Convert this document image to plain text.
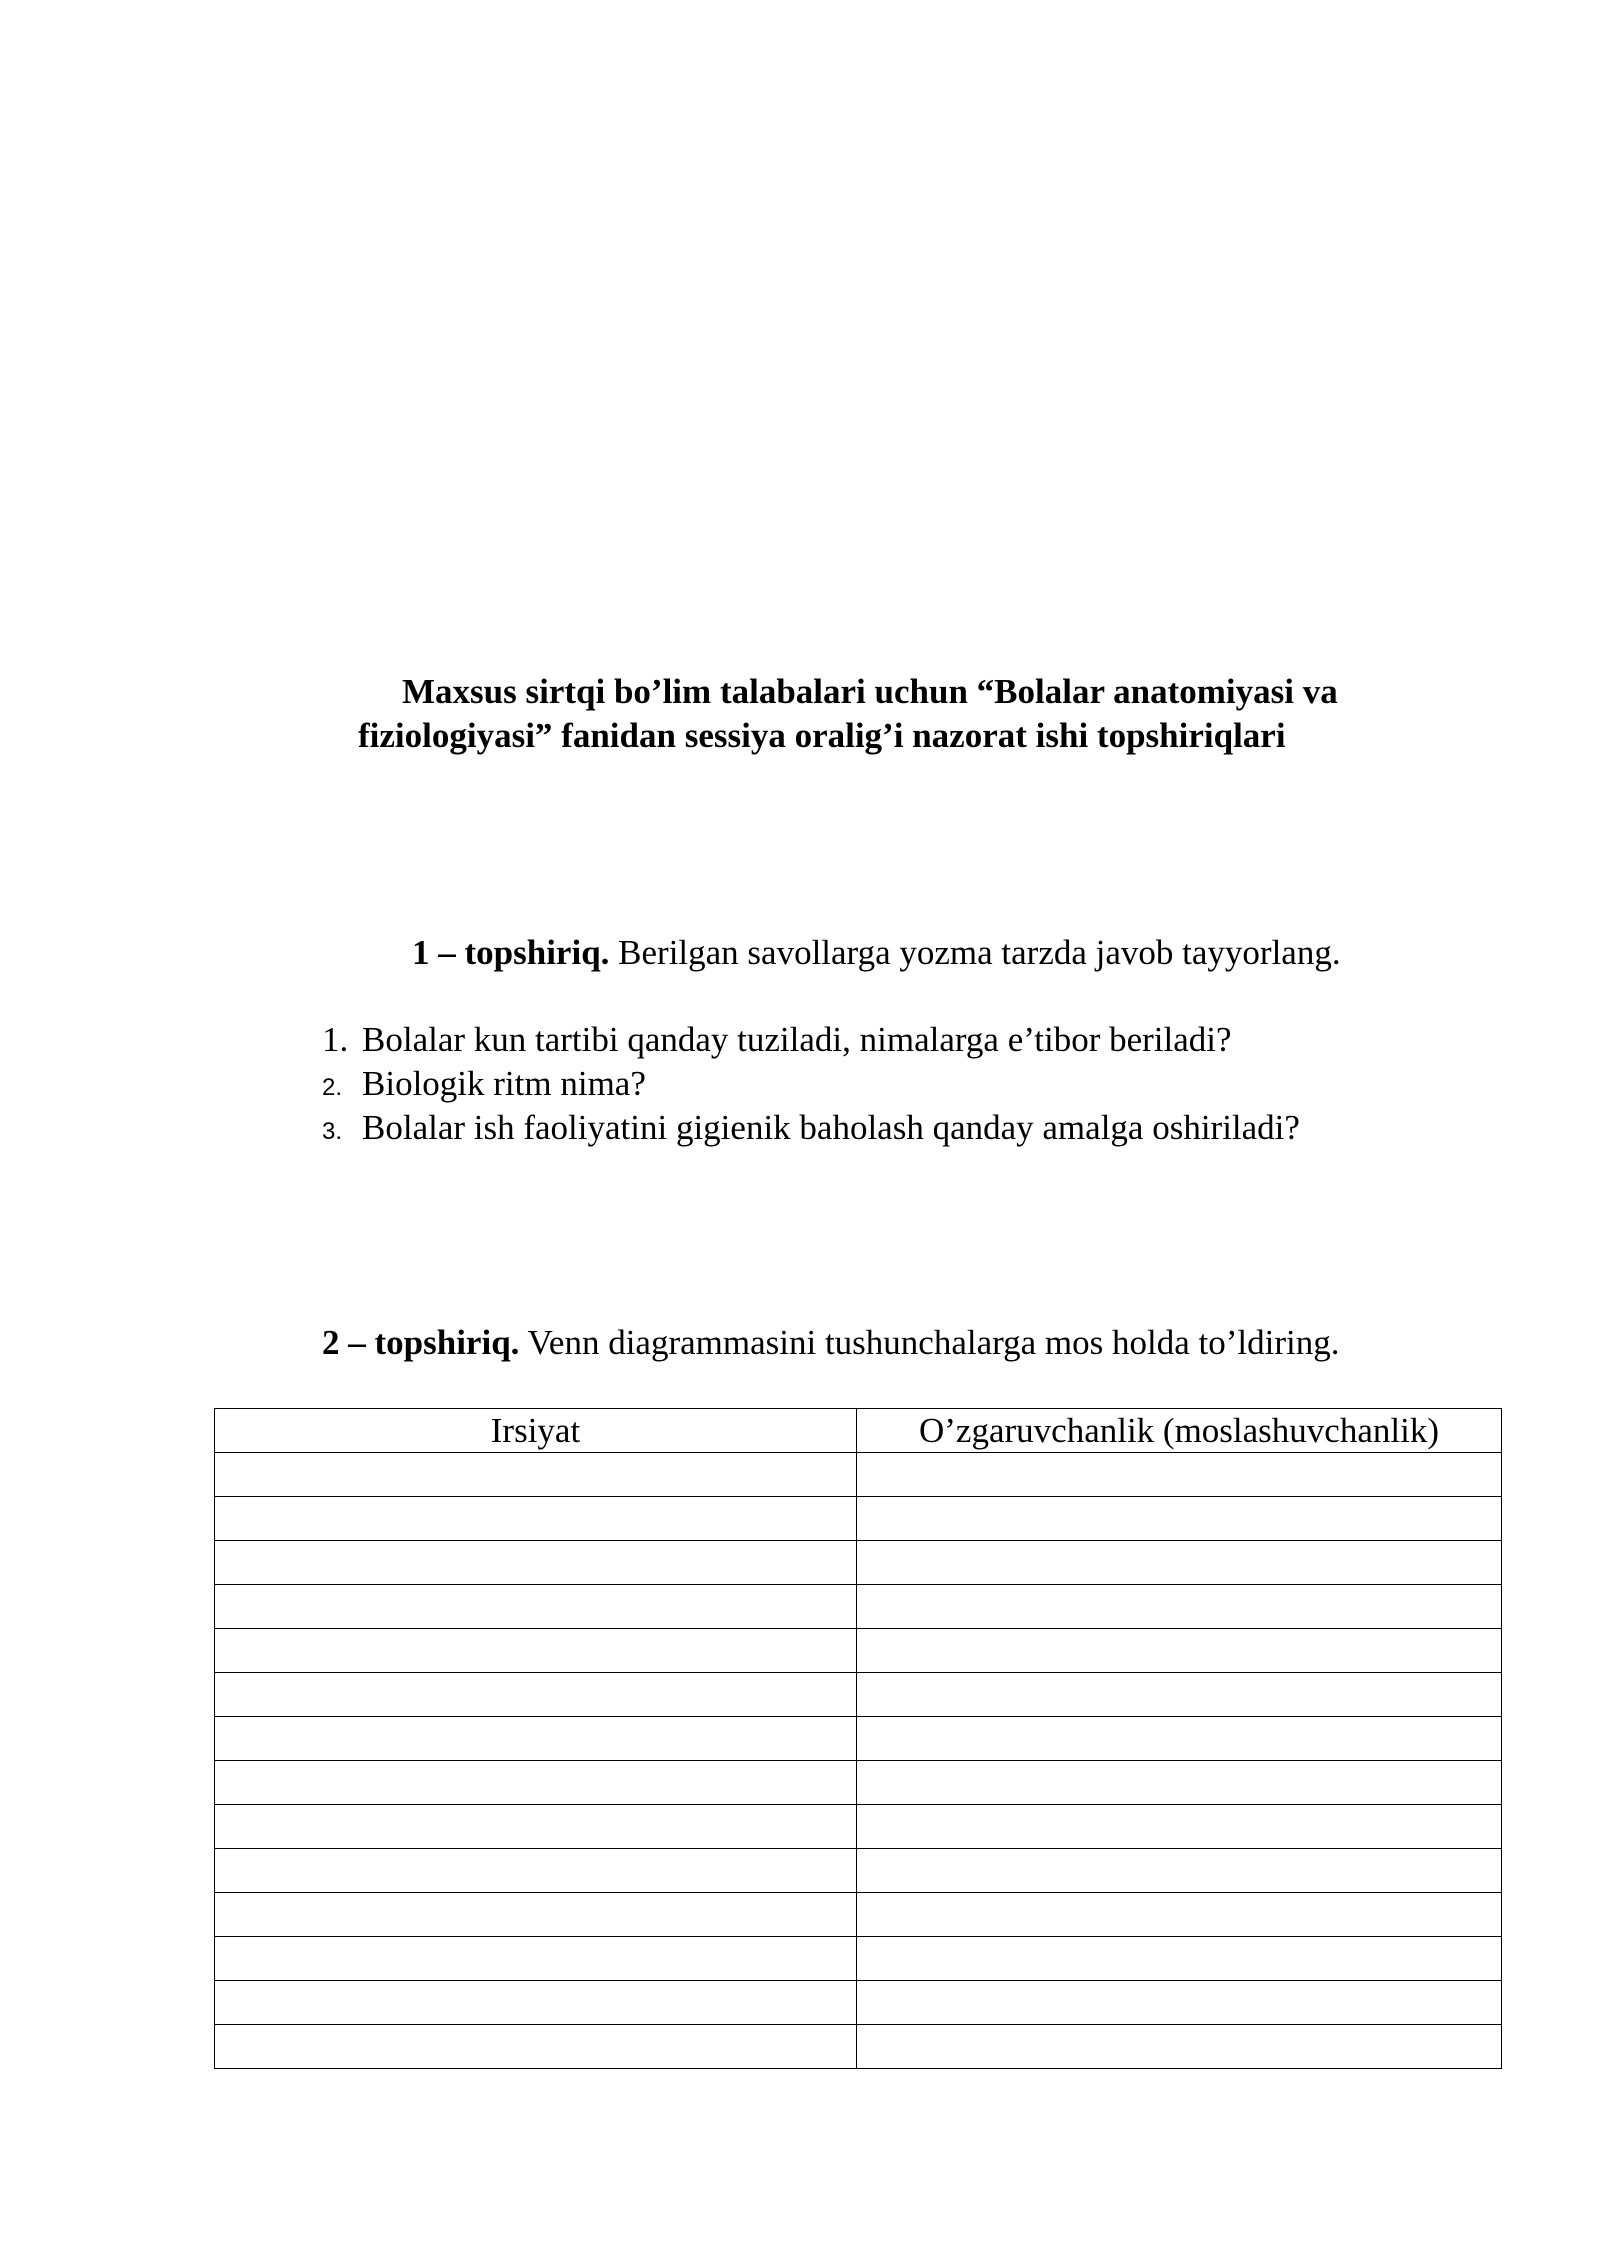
Maxsus sirtqi bo’lim talabalari uchun “Bolalar anatomiyasi va
fiziologiyasi” fanidan sessiya oralig’i nazorat ishi topshiriqlari
1 – topshiriq. Berilgan savollarga yozma tarzda javob tayyorlang.
1. Bolalar kun tartibi qanday tuziladi, nimalarga e’tibor beriladi?
2. Biologik ritm nima?
3. Bolalar ish faoliyatini gigienik baholash qanday amalga oshiriladi?
2 – topshiriq. Venn diagrammasini tushunchalarga mos holda to’ldiring.
Irsiyat	O’zgaruvchanlik (moslashuvchanlik)
